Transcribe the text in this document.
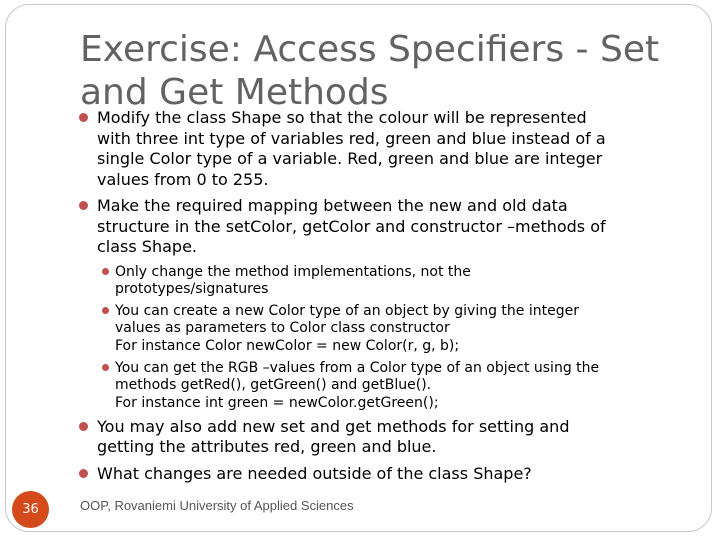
Exercise: Access Specifiers - Set
and Get Methods
Modify the class Shape so that the colour will be represented
with three int type of variables red, green and blue instead of a
single Color type of a variable. Red, green and blue are integer
values from 0 to 255.
Make the required mapping between the new and old data
structure in the setColor, getColor and constructor –methods of
class Shape.
Only change the method implementations, not the
prototypes/signatures
You can create a new Color type of an object by giving the integer
values as parameters to Color class constructor
For instance Color newColor = new Color(r, g, b);
You can get the RGB –values from a Color type of an object using the
methods getRed(), getGreen() and getBlue().
For instance int green = newColor.getGreen();
You may also add new set and get methods for setting and
getting the attributes red, green and blue.
What changes are needed outside of the class Shape?
36	OOP, Rovaniemi University of Applied Sciences
